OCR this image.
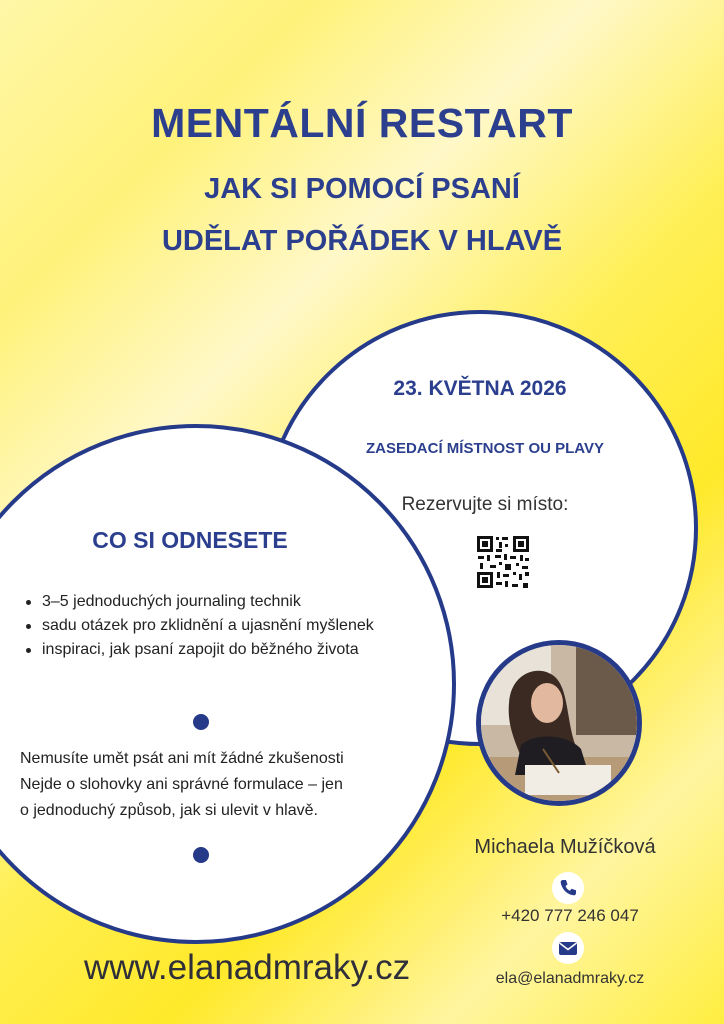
MENTÁLNÍ RESTART
JAK SI POMOCÍ PSANÍ
UDĚLAT POŘÁDEK V HLAVĚ
23. KVĚTNA 2026
ZASEDACÍ MÍSTNOST OU PLAVY
Rezervujte si místo:
CO SI ODNESETE
3–5 jednoduchých journaling technik
sadu otázek pro zklidnění a ujasnění myšlenek
inspiraci, jak psaní zapojit do běžného života
Nemusíte umět psát ani mít žádné zkušenosti
Nejde o slohovky ani správné formulace – jen
o jednoduchý způsob, jak si ulevit v hlavě.
Michaela Mužíčková
+420 777 246 047
ela@elanadmraky.cz
www.elanadmraky.cz
